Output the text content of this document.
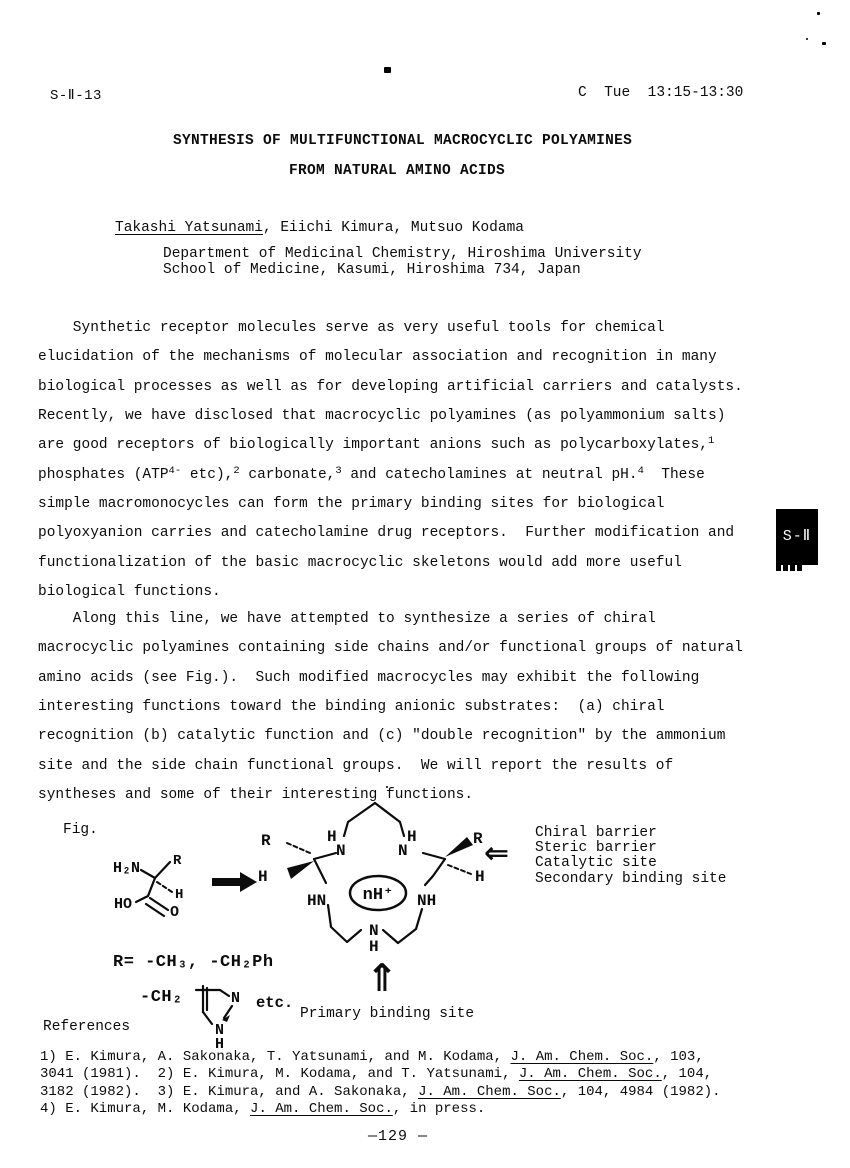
S-Ⅱ-13	C  Tue  13:15-13:30
SYNTHESIS OF MULTIFUNCTIONAL MACROCYCLIC POLYAMINES
FROM NATURAL AMINO ACIDS
Takashi Yatsunami, Eiichi Kimura, Mutsuo Kodama
Department of Medicinal Chemistry, Hiroshima University
School of Medicine, Kasumi, Hiroshima 734, Japan
Synthetic receptor molecules serve as very useful tools for chemical
elucidation of the mechanisms of molecular association and recognition in many
biological processes as well as for developing artificial carriers and catalysts.
Recently, we have disclosed that macrocyclic polyamines (as polyammonium salts)
are good receptors of biologically important anions such as polycarboxylates,$^1$
phosphates ($ATP^{4-}$ etc),$^2$ carbonate,$^3$ and catecholamines at neutral pH.$^4$  These
simple macromonocycles can form the primary binding sites for biological
polyoxyanion carries and catecholamine drug receptors.  Further modification and
functionalization of the basic macrocyclic skeletons would add more useful
biological functions.
Along this line, we have attempted to synthesize a series of chiral
macrocyclic polyamines containing side chains and/or functional groups of natural
amino acids (see Fig.).  Such modified macrocycles may exhibit the following
interesting functions toward the binding anionic substrates:  (a) chiral
recognition (b) catalytic function and (c) "double recognition" by the ammonium
site and the side chain functional groups.  We will report the results of
syntheses and some of their interesting functions.
Fig.
H₂N R
H
HO	O
R
H
R
H
H
N
H
N
HN	NH
N
H
nH⁺
⇐
Chiral barrier
Steric barrier
Catalytic site
Secondary binding site
R= -CH₃, -CH₂Ph
-CH₂	N
N
H
etc.
⇑
Primary binding site
References
1) E. Kimura, A. Sakonaka, T. Yatsunami, and M. Kodama, J. Am. Chem. Soc., 103,
3041 (1981).  2) E. Kimura, M. Kodama, and T. Yatsunami, J. Am. Chem. Soc., 104,
3182 (1982).  3) E. Kimura, and A. Sakonaka, J. Am. Chem. Soc., 104, 4984 (1982).
4) E. Kimura, M. Kodama, J. Am. Chem. Soc., in press.
—129 —
S-Ⅱ
